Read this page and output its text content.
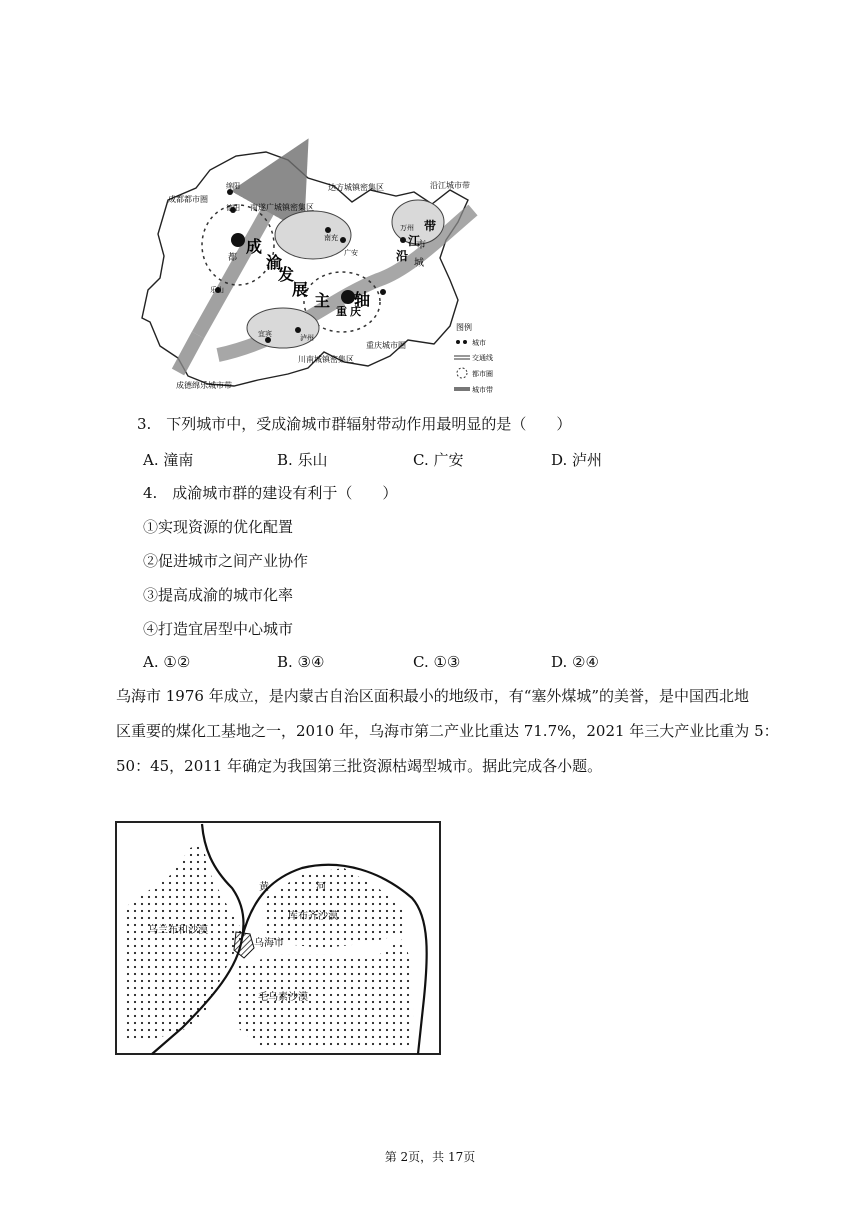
成都都市圈
达方城镇密集区	沿江城市带
南遂广城镇密集区
德阳
绵阳
成
都 渝
发
展
主 轴
重 庆
沿
江
带
市
城
乐山
广安
南充
万州
宜宾	泸州
川南城镇密集区
重庆城市圈
成德绵乐城市带
图例
城市
交通线
都市圈
城市带
3.　下列城市中，受成渝城市群辐射带动作用最明显的是（　　）
A. 潼南	B. 乐山	C. 广安	D. 泸州
4.　成渝城市群的建设有利于（　　）
①实现资源的优化配置
②促进城市之间产业协作
③提高成渝的城市化率
④打造宜居型中心城市
A. ①②	B. ③④	C. ①③	D. ②④
乌海市 1976 年成立，是内蒙古自治区面积最小的地级市，有“塞外煤城”的美誉，是中国西北地
区重要的煤化工基地之一，2010 年，乌海市第二产业比重达 71.7%，2021 年三大产业比重为 5：
50：45，2011 年确定为我国第三批资源枯竭型城市。据此完成各小题。
黄	河
库布齐沙漠
乌兰布和沙漠
乌海市
毛乌素沙漠
第 2页，共 17页
